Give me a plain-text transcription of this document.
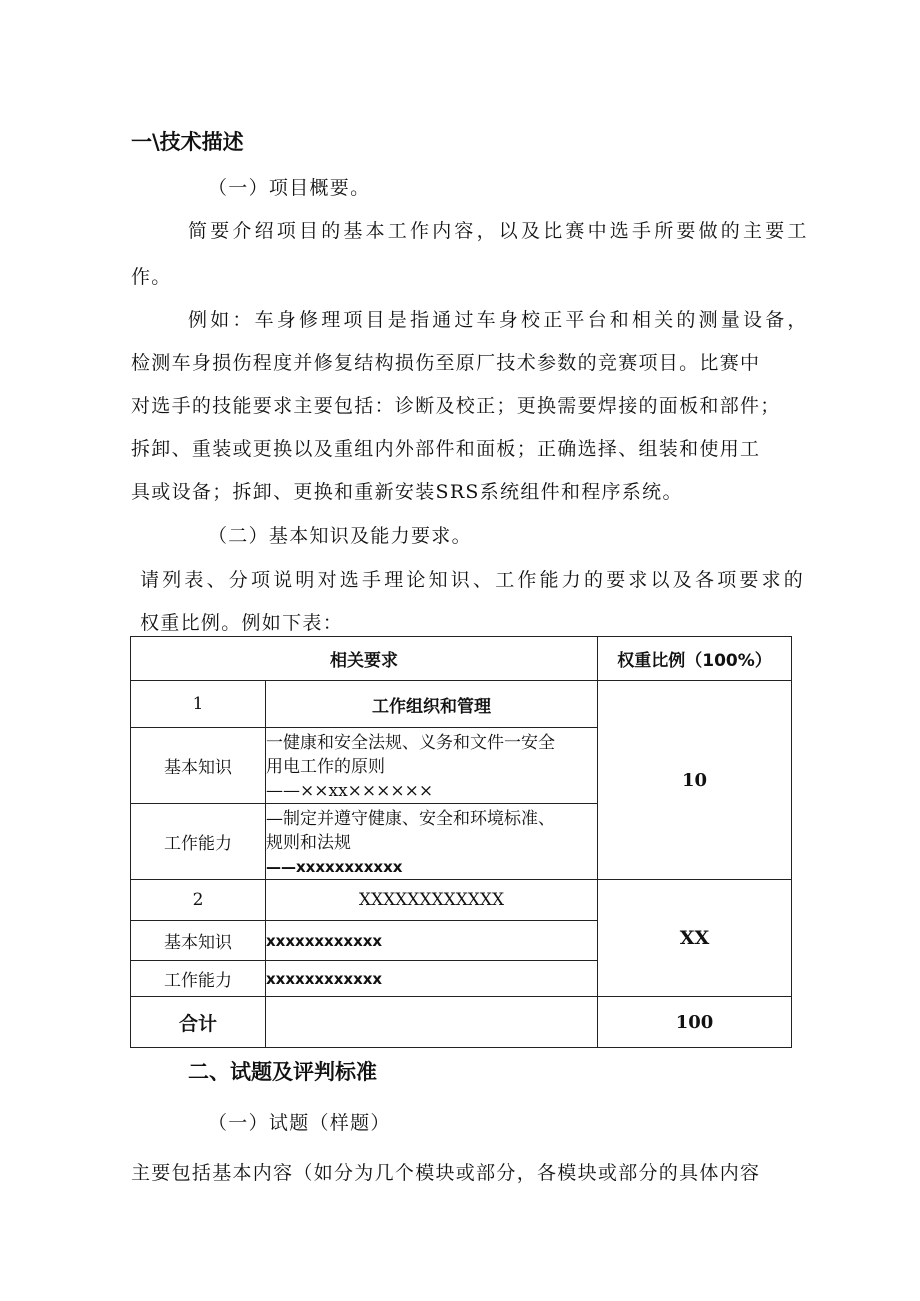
一\技术描述
（一）项目概要。
简要介绍项目的基本工作内容，以及比赛中选手所要做的主要工
作。
例如：车身修理项目是指通过车身校正平台和相关的测量设备，
检测车身损伤程度并修复结构损伤至原厂技术参数的竞赛项目。比赛中
对选手的技能要求主要包括：诊断及校正；更换需要焊接的面板和部件；
拆卸、重装或更换以及重组内外部件和面板；正确选择、组装和使用工
具或设备；拆卸、更换和重新安装SRS系统组件和程序系统。
（二）基本知识及能力要求。
请列表、分项说明对选手理论知识、工作能力的要求以及各项要求的
权重比例。例如下表：
相关要求		权重比例（100%）
1	工作组织和管理	10
基本知识	一健康和安全法规、义务和文件一安全
用电工作的原则
——××xx××××××	

工作能力	—制定并遵守健康、安全和环境标准、
规则和法规
——xxxxxxxxxxx	

2	XXXXXXXXXXXX	XX
基本知识	xxxxxxxxxxxx	
工作能力	xxxxxxxxxxxx	
合计		100
二、试题及评判标准
（一）试题（样题）
主要包括基本内容（如分为几个模块或部分，各模块或部分的具体内容
